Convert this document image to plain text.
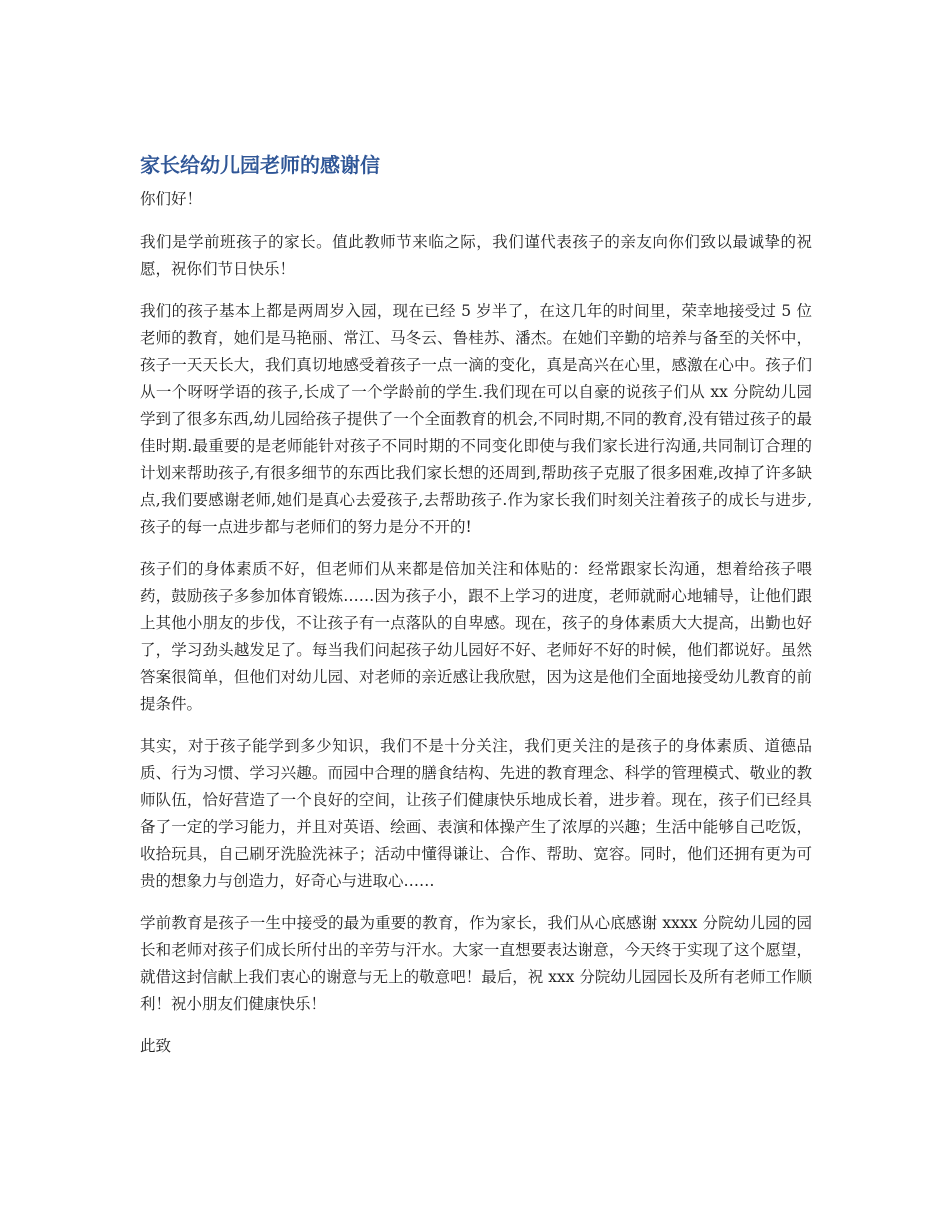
家长给幼儿园老师的感谢信

你们好！

我们是学前班孩子的家长。值此教师节来临之际，我们谨代表孩子的亲友向你们致以最诚挚的祝愿，祝你们节日快乐！

我们的孩子基本上都是两周岁入园，现在已经 5 岁半了，在这几年的时间里，荣幸地接受过 5 位老师的教育，她们是马艳丽、常江、马冬云、鲁桂苏、潘杰。在她们辛勤的培养与备至的关怀中，孩子一天天长大，我们真切地感受着孩子一点一滴的变化，真是高兴在心里，感激在心中。孩子们从一个呀呀学语的孩子,长成了一个学龄前的学生.我们现在可以自豪的说孩子们从 xx 分院幼儿园学到了很多东西,幼儿园给孩子提供了一个全面教育的机会,不同时期,不同的教育,没有错过孩子的最佳时期.最重要的是老师能针对孩子不同时期的不同变化即使与我们家长进行沟通,共同制订合理的计划来帮助孩子,有很多细节的东西比我们家长想的还周到,帮助孩子克服了很多困难,改掉了许多缺点,我们要感谢老师,她们是真心去爱孩子,去帮助孩子.作为家长我们时刻关注着孩子的成长与进步,孩子的每一点进步都与老师们的努力是分不开的!

孩子们的身体素质不好，但老师们从来都是倍加关注和体贴的：经常跟家长沟通，想着给孩子喂药，鼓励孩子多参加体育锻炼……因为孩子小，跟不上学习的进度，老师就耐心地辅导，让他们跟上其他小朋友的步伐，不让孩子有一点落队的自卑感。现在，孩子的身体素质大大提高，出勤也好了，学习劲头越发足了。每当我们问起孩子幼儿园好不好、老师好不好的时候，他们都说好。虽然答案很简单，但他们对幼儿园、对老师的亲近感让我欣慰，因为这是他们全面地接受幼儿教育的前提条件。

其实，对于孩子能学到多少知识，我们不是十分关注，我们更关注的是孩子的身体素质、道德品质、行为习惯、学习兴趣。而园中合理的膳食结构、先进的教育理念、科学的管理模式、敬业的教师队伍，恰好营造了一个良好的空间，让孩子们健康快乐地成长着，进步着。现在，孩子们已经具备了一定的学习能力，并且对英语、绘画、表演和体操产生了浓厚的兴趣；生活中能够自己吃饭，收拾玩具，自己刷牙洗脸洗袜子；活动中懂得谦让、合作、帮助、宽容。同时，他们还拥有更为可贵的想象力与创造力，好奇心与进取心……

学前教育是孩子一生中接受的最为重要的教育，作为家长，我们从心底感谢 xxxx 分院幼儿园的园长和老师对孩子们成长所付出的辛劳与汗水。大家一直想要表达谢意，今天终于实现了这个愿望，就借这封信献上我们衷心的谢意与无上的敬意吧！最后，祝 xxx 分院幼儿园园长及所有老师工作顺利！祝小朋友们健康快乐！

此致
